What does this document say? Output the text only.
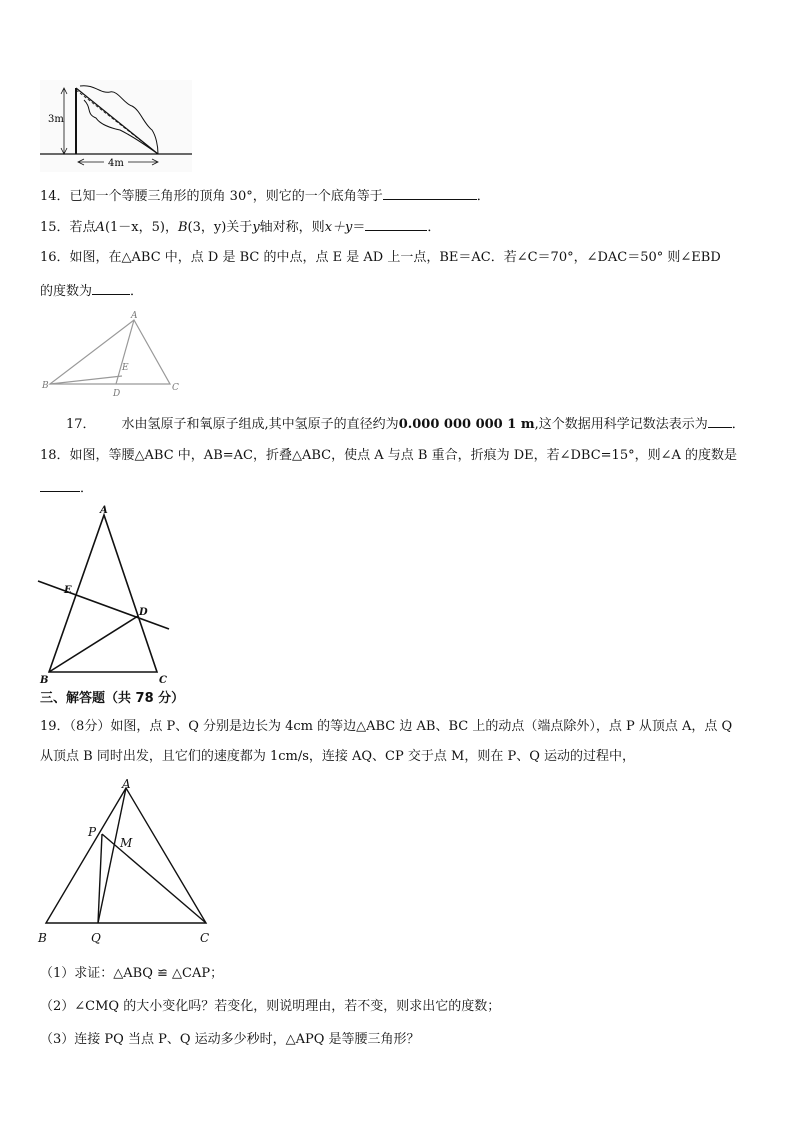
3m
4m
14．已知一个等腰三角形的顶角 30°，则它的一个底角等于	．
15．若点A(1－x，5)，B(3，y)关于y轴对称，则x＋y＝	．
16．如图，在△ABC 中，点 D 是 BC 的中点，点 E 是 AD 上一点，BE＝AC．若∠C＝70°，∠DAC＝50° 则∠EBD
的度数为	．
A
B	C
D
E
17． 水由氢原子和氧原子组成,其中氢原子的直径约为0.000 000 000 1 m,这个数据用科学记数法表示为 ．
18．如图，等腰△ABC 中，AB=AC，折叠△ABC，使点 A 与点 B 重合，折痕为 DE，若∠DBC=15°，则∠A 的度数是
．
A
B	C
D
E
三、解答题（共 78 分）
19．（8分）如图，点 P、Q 分别是边长为 4cm 的等边△ABC 边 AB、BC 上的动点（端点除外），点 P 从顶点 A，点 Q
从顶点 B 同时出发，且它们的速度都为 1cm/s，连接 AQ、CP 交于点 M，则在 P、Q 运动的过程中，
A
B	C
P
Q
M
（1）求证：△ABQ ≌ △CAP；
（2）∠CMQ 的大小变化吗？若变化，则说明理由，若不变，则求出它的度数；
（3）连接 PQ 当点 P、Q 运动多少秒时，△APQ 是等腰三角形？
